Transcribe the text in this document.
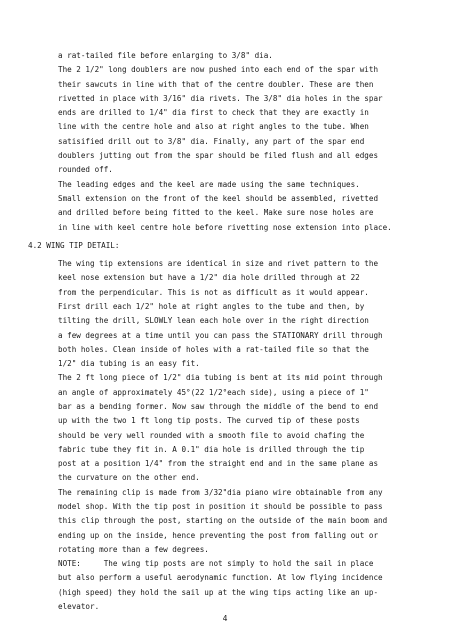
a rat-tailed file before enlarging to 3/8" dia.
The 2 1/2" long doublers are now pushed into each end of the spar with
their sawcuts in line with that of the centre doubler. These are then
rivetted in place with 3/16" dia rivets. The 3/8" dia holes in the spar
ends are drilled to 1/4" dia first to check that they are exactly in
line with the centre hole and also at right angles to the tube. When
satisified drill out to 3/8" dia. Finally, any part of the spar end
doublers jutting out from the spar should be filed flush and all edges
rounded off.
The leading edges and the keel are made using the same techniques.
Small extension on the front of the keel should be assembled, rivetted
and drilled before being fitted to the keel. Make sure nose holes are
in line with keel centre hole before rivetting nose extension into place.
4.2 WING TIP DETAIL:
The wing tip extensions are identical in size and rivet pattern to the
keel nose extension but have a 1/2" dia hole drilled through at 22
from the perpendicular. This is not as difficult as it would appear.
First drill each 1/2" hole at right angles to the tube and then, by
tilting the drill, SLOWLY lean each hole over in the right direction
a few degrees at a time until you can pass the STATIONARY drill through
both holes. Clean inside of holes with a rat-tailed file so that the
1/2" dia tubing is an easy fit.
The 2 ft long piece of 1/2" dia tubing is bent at its mid point through
an angle of approximately 45°(22 1/2°each side), using a piece of 1"
bar as a bending former. Now saw through the middle of the bend to end
up with the two 1 ft long tip posts. The curved tip of these posts
should be very well rounded with a smooth file to avoid chafing the
fabric tube they fit in. A 0.1" dia hole is drilled through the tip
post at a position 1/4" from the straight end and in the same plane as
the curvature on the other end.
The remaining clip is made from 3/32"dia piano wire obtainable from any
model shop. With the tip post in position it should be possible to pass
this clip through the post, starting on the outside of the main boom and
ending up on the inside, hence preventing the post from falling out or
rotating more than a few degrees.
NOTE:     The wing tip posts are not simply to hold the sail in place
but also perform a useful aerodynamic function. At low flying incidence
(high speed) they hold the sail up at the wing tips acting like an up-
elevator.
4
